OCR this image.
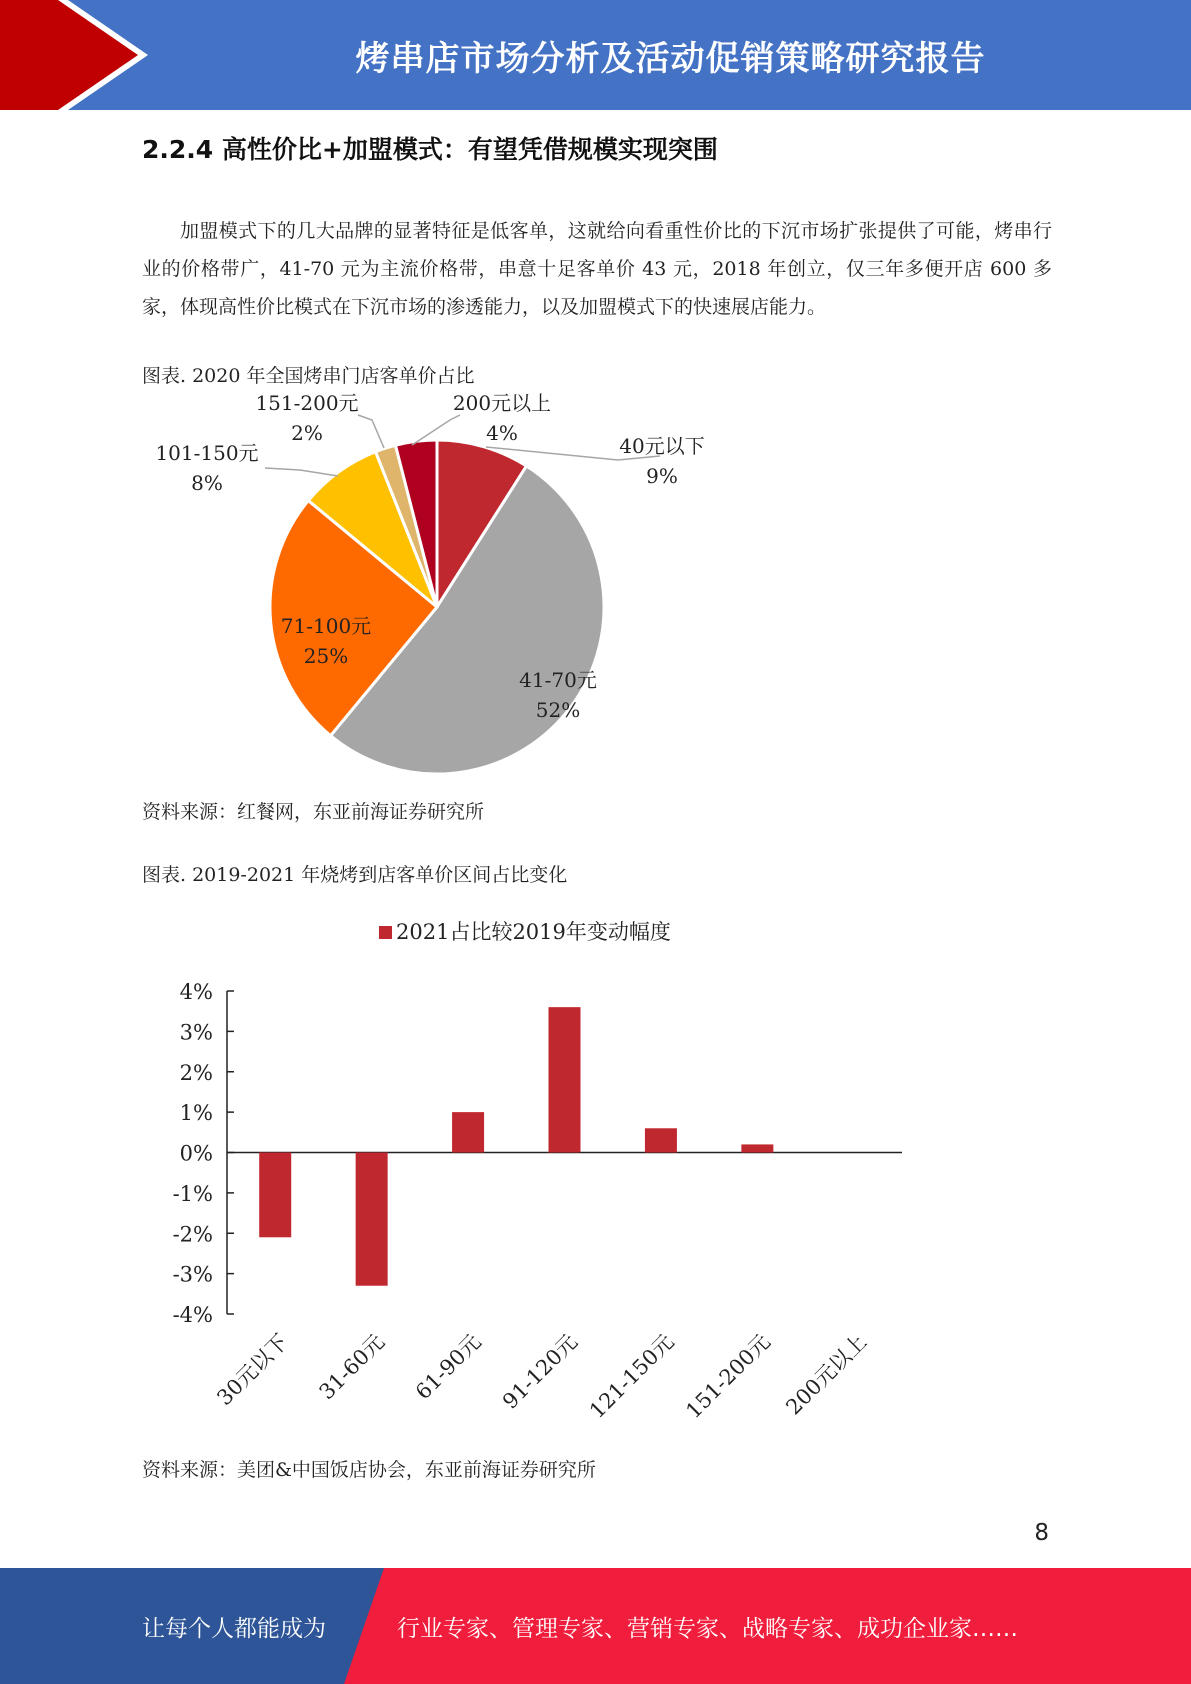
烤串店市场分析及活动促销策略研究报告
2.2.4 高性价比+加盟模式：有望凭借规模实现突围
加盟模式下的几大品牌的显著特征是低客单，这就给向看重性价比的下沉市场扩张提供了可能，烤串行业的价格带广，41-70 元为主流价格带，串意十足客单价 43 元，2018 年创立，仅三年多便开店 600 多家，体现高性价比模式在下沉市场的渗透能力，以及加盟模式下的快速展店能力。
图表. 2020 年全国烤串门店客单价占比
40元以下
9%
41-70元
52%
71-100元
25%
101-150元
8%
151-200元
2%
200元以上
4%
资料来源：红餐网，东亚前海证券研究所
图表. 2019-2021 年烧烤到店客单价区间占比变化
2021占比较2019年变动幅度
4%
3%
2%
1%
0%
-1%
-2%
-3%
-4%
30元以下 31-60元 61-90元 91-120元 121-150元 151-200元 200元以上
资料来源：美团&中国饭店协会，东亚前海证券研究所
8
让每个人都能成为	行业专家、管理专家、营销专家、战略专家、成功企业家……
